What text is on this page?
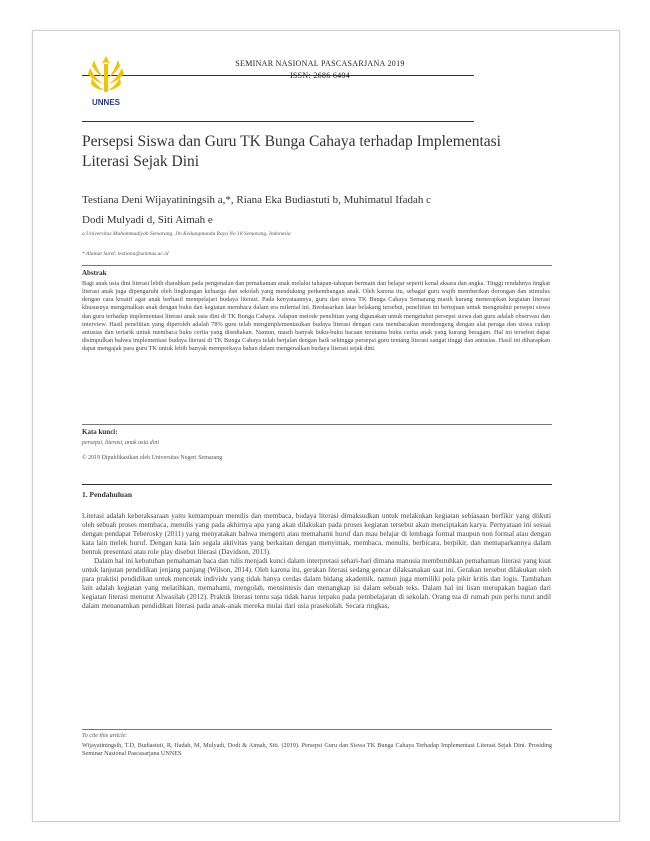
UNNES
SEMINAR NASIONAL PASCASARJANA 2019
ISSN: 2686 6404
Persepsi Siswa dan Guru TK Bunga Cahaya terhadap Implementasi Literasi Sejak Dini
Testiana Deni Wijayatiningsih a,*, Riana Eka Budiastuti b, Muhimatul Ifadah c
Dodi Mulyadi d, Siti Aimah e
a Universitas Muhammadiyah Semarang, Jln Kedungmundu Raya No 18 Semarang, Indonesia
* Alamat Surel: testiana@unimus.ac.id
Abstrak
Bagi anak usia dini literasi lebih diarahkan pada pengenalan dan pemahaman anak melalui tahapan-tahapan bermain dan belajar seperti kenal aksara dan angka. Tinggi rendahnya tingkat literasi anak juga dipengaruhi oleh lingkungan keluarga dan sekolah yang mendukung perkembangan anak. Oleh karena itu, sebagai guru wajib memberikan dorongan dan stimulus dengan cara kreatif agar anak berhasil mempelajari budaya literasi. Pada kenyataannya, guru dan siswa TK Bunga Cahaya Semarang masih kurang menerapkan kegiatan literasi khususnya mengenalkan anak dengan buku dan kegiatan membaca dalam era milenial ini. Berdasarkan latar belakang tersebut, penelitian ini bertujuan untuk mengetahui persepsi siswa dan guru terhadap implementasi literasi anak usia dini di TK Bunga Cahaya. Adapun metode penelitian yang digunakan untuk mengetahui persepsi siswa dan guru adalah observasi dan interview. Hasil penelitian yang diperoleh adalah 78% guru telah mengimplementasikan budaya literasi dengan cara membacakan mendongeng dengan alat peraga dan siswa cukup antusias dan tertarik untuk membaca buku cerita yang disediakan. Namun, masih banyak buku-buku bacaan terutama buku cerita anak yang kurang beragam. Hal ini tersebut dapat disimpulkan bahwa implementasi budaya literasi di TK Bunga Cahaya telah berjalan dengan baik sehingga persepsi guru tentang literasi sangat tinggi dan antusias. Hasil ini diharapkan dapat mengajak para guru TK untuk lebih banyak memperkaya bahan dalam mengenalkan budaya literasi sejak dini.
Kata kunci:
persepsi, literasi, anak usia dini
© 2019 Dipublikasikan oleh Universitas Negeri Semarang
1. Pendahuluan

Literasi adalah keberaksaraan yaitu kemampuan menulis dan membaca, budaya literasi dimaksudkan untuk melakukan kegiatan sebiasaan berfikir yang diikuti oleh sebuah proses membaca, menulis yang pada akhirnya apa yang akan dilakukan pada proses kegiatan tersebut akan menciptakan karya. Pernyataan ini sesuai dengan pendapat Teberosky (2011) yang menyatakan bahwa mengerti atau memahami huruf dan mau belajar di lembaga formal maupun non formal atau dengan kata lain melek huruf. Dengan kata lain segala aktivitas yang berkaitan dengan menyimak, membaca, menulis, berbicara, berpikir, dan memaparkannya dalam bentuk presentasi atau role play disebut literasi (Davidson, 2013).

Dalam hal ini kebutuhan pemahaman baca dan tulis menjadi kunci dalam interpretasi sehari-hari dimana manusia membutuhkan pemahaman literasi yang kuat untuk lanjutan pendidikan jenjang panjang (Wilson, 2014). Oleh karena itu, gerakan literasi sedang gencar dilaksanakan saat ini. Gerakan tersebut dilakukan oleh para praktisi pendidikan untuk mencetak individu yang tidak hanya cerdas dalam bidang akademik, namun juga memiliki pola pikir kritis dan logis. Tambahan lain adalah kegiatan yang melatihkan, memahami, mengolah, mensintesis dan menangkap isi dalam sebuah teks. Dalam hal ini lisan merupakan bagian dari kegiatan literasi menurut Alwasilah (2012). Praktik literasi tentu saja tidak harus terpaku pada pembelajaran di sekolah. Orang tua di rumah pun perlu turut andil dalam menanamkan pendidikan literasi pada anak-anak mereka mulai dari usia prasekolah. Secara ringkas,

To cite this article:
Wijayatiningsih, T.D, Budiastuti, R, Ifadah, M, Mulyadi, Dodi & Aimah, Siti. (2019). Persepsi Guru dan Siswa TK Bunga Cahaya Terhadap Implementasi Literasi Sejak Dini. Prosiding Seminar Nasional Pascasarjana UNNES
